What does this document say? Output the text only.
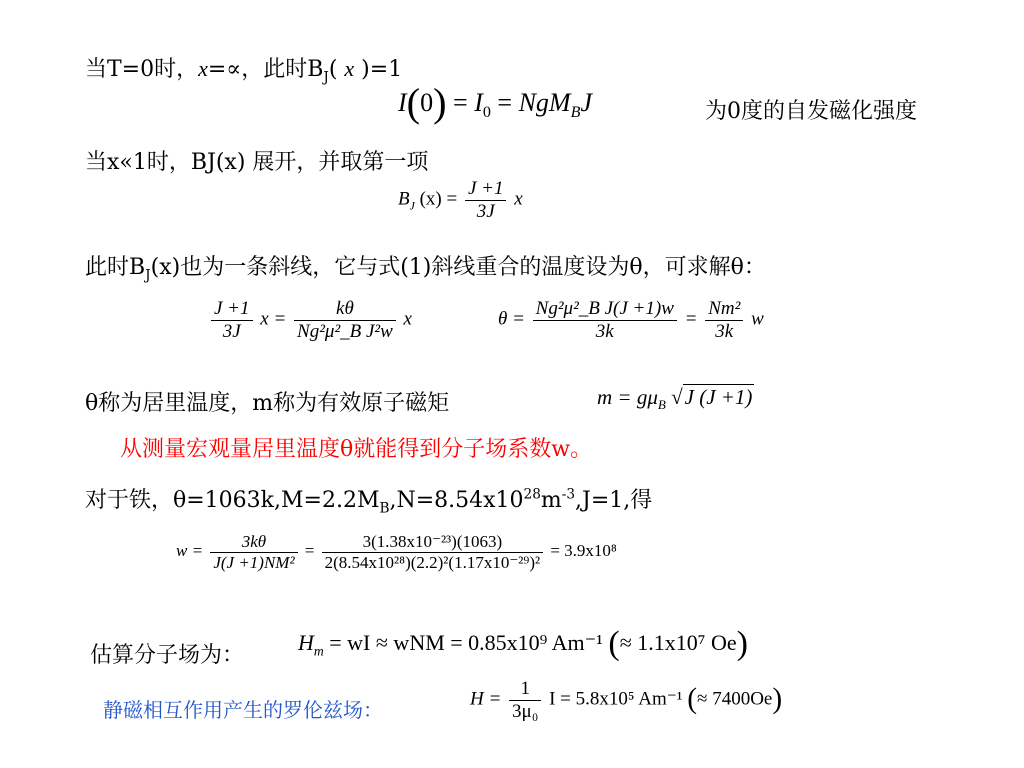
当T=0时，x=∝，此时$B_J$( x )=1
$I(0) = I_0 = NgM_BJ$	为0度的自发磁化强度
当x«1时，BJ(x) 展开，并取第一项
$B_J$ $(x) = \frac{J +1}{3J}$ x
此时$B_J(x)$也为一条斜线，它与式(1)斜线重合的温度设为θ，可求解θ：
$\frac{J +1}{3J}$ $x = \frac{k\theta}{\text{Ng²μ²\_B J²w}}$ x	$\theta = \frac{\text{Ng²μ²\_B J(J +1)w}}{3k} = \frac{\text{Nm²}}{3k}$ w
θ称为居里温度，m称为有效原子磁矩	$m = g\mu_B$ √J (J +1)
从测量宏观量居里温度θ就能得到分子场系数w。
对于铁，$\theta=1063k,M=2.2M_B,N=8.54x10^{28}m^{-3},J=1$,得
$w = \frac{3k\theta}{\text{J(J +1)NM²}} = \frac{\text{3(1.38x10⁻²³)(1063)}}{\text{2(8.54x10²⁸)(2.2)²(1.17x10⁻²⁹)²}} = 3.9x10^8$
估算分子场为：
$H_m$ = wI ≈ wNM = 0.85x10⁹ Am⁻¹ (≈ 1.1x10⁷ Oe)
静磁相互作用产生的罗伦兹场：	$H = \frac{1}{\text{3μ₀}}$ I = 5.8x10⁵ Am⁻¹ (≈ 7400Oe)
